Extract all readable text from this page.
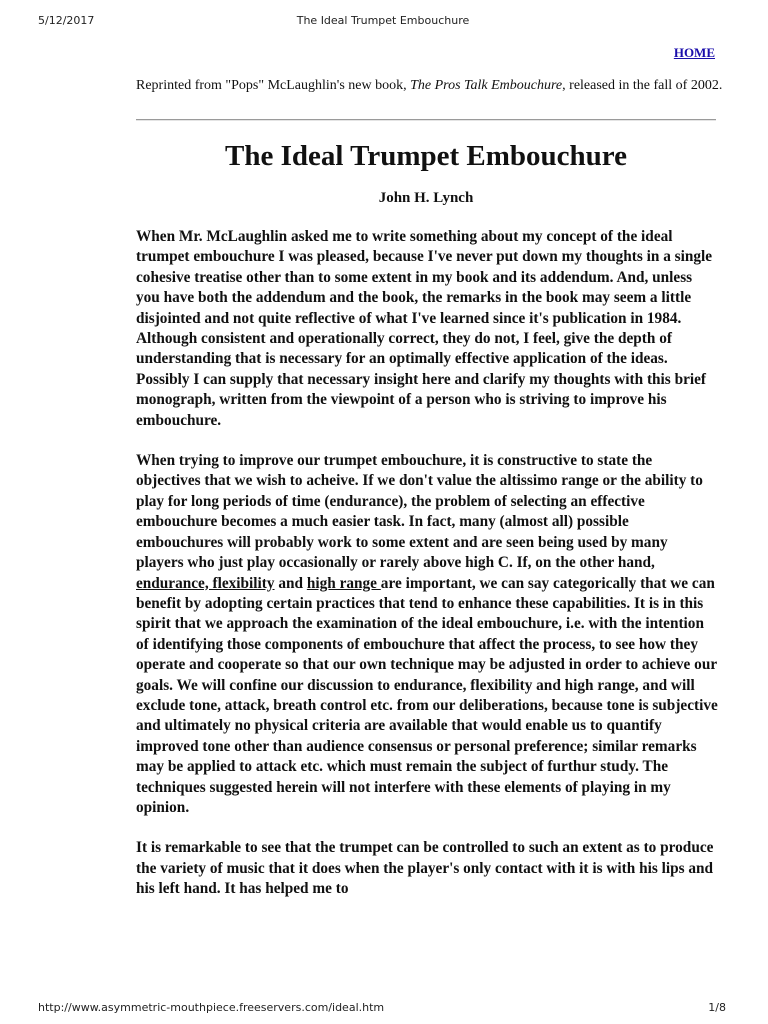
5/12/2017	The Ideal Trumpet Embouchure
HOME
Reprinted from "Pops" McLaughlin's new book, The Pros Talk Embouchure, released in the fall of 2002.
The Ideal Trumpet Embouchure
John H. Lynch

When Mr. McLaughlin asked me to write something about my concept of the ideal trumpet embouchure I was pleased, because I've never put down my thoughts in a single cohesive treatise other than to some extent in my book and its addendum. And, unless you have both the addendum and the book, the remarks in the book may seem a little disjointed and not quite reflective of what I've learned since it's publication in 1984. Although consistent and operationally correct, they do not, I feel, give the depth of understanding that is necessary for an optimally effective application of the ideas. Possibly I can supply that necessary insight here and clarify my thoughts with this brief monograph, written from the viewpoint of a person who is striving to improve his embouchure.

When trying to improve our trumpet embouchure, it is constructive to state the objectives that we wish to acheive. If we don't value the altissimo range or the ability to play for long periods of time (endurance), the problem of selecting an effective embouchure becomes a much easier task. In fact, many (almost all) possible embouchures will probably work to some extent and are seen being used by many players who just play occasionally or rarely above high C. If, on the other hand, endurance, flexibility and high range are important, we can say categorically that we can benefit by adopting certain practices that tend to enhance these capabilities. It is in this spirit that we approach the examination of the ideal embouchure, i.e. with the intention of identifying those components of embouchure that affect the process, to see how they operate and cooperate so that our own technique may be adjusted in order to achieve our goals. We will confine our discussion to endurance, flexibility and high range, and will exclude tone, attack, breath control etc. from our deliberations, because tone is subjective and ultimately no physical criteria are available that would enable us to quantify improved tone other than audience consensus or personal preference; similar remarks may be applied to attack etc. which must remain the subject of furthur study. The techniques suggested herein will not interfere with these elements of playing in my opinion.

It is remarkable to see that the trumpet can be controlled to such an extent as to produce the variety of music that it does when the player's only contact with it is with his lips and his left hand. It has helped me to

http://www.asymmetric-mouthpiece.freeservers.com/ideal.htm	1/8
